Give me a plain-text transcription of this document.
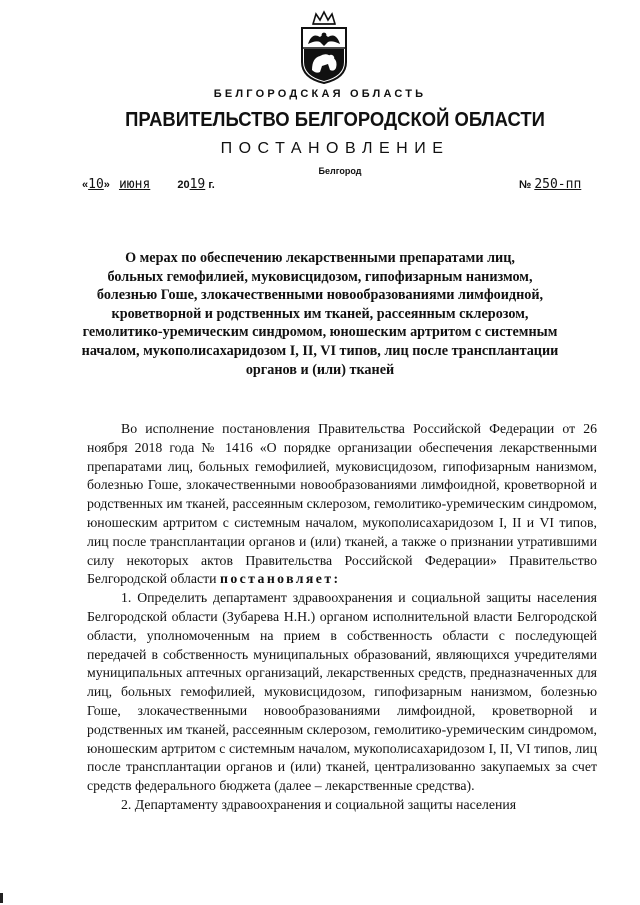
БЕЛГОРОДСКАЯ ОБЛАСТЬ
ПРАВИТЕЛЬСТВО БЕЛГОРОДСКОЙ ОБЛАСТИ
ПОСТАНОВЛЕНИЕ
Белгород
«10» июня 2019 г.	№ 250-пп
О мерах по обеспечению лекарственными препаратами лиц,
больных гемофилией, муковисцидозом, гипофизарным нанизмом,
болезнью Гоше, злокачественными новообразованиями лимфоидной,
кроветворной и родственных им тканей, рассеянным склерозом,
гемолитико-уремическим синдромом, юношеским артритом с системным
началом, мукополисахаридозом I, II, VI типов, лиц после трансплантации
органов и (или) тканей

Во исполнение постановления Правительства Российской Федерации от 26 ноября 2018 года № 1416 «О порядке организации обеспечения лекарственными препаратами лиц, больных гемофилией, муковисцидозом, гипофизарным нанизмом, болезнью Гоше, злокачественными новообразованиями лимфоидной, кроветворной и родственных им тканей, рассеянным склерозом, гемолитико-уремическим синдромом, юношеским артритом с системным началом, мукополисахаридозом I, II и VI типов, лиц после трансплантации органов и (или) тканей, а также о признании утратившими силу некоторых актов Правительства Российской Федерации» Правительство Белгородской области постановляет:

1. Определить департамент здравоохранения и социальной защиты населения Белгородской области (Зубарева Н.Н.) органом исполнительной власти Белгородской области, уполномоченным на прием в собственность области с последующей передачей в собственность муниципальных образований, являющихся учредителями муниципальных аптечных организаций, лекарственных средств, предназначенных для лиц, больных гемофилией, муковисцидозом, гипофизарным нанизмом, болезнью Гоше, злокачественными новообразованиями лимфоидной, кроветворной и родственных им тканей, рассеянным склерозом, гемолитико-уремическим синдромом, юношеским артритом с системным началом, мукополисахаридозом I, II, VI типов, лиц после трансплантации органов и (или) тканей, централизованно закупаемых за счет средств федерального бюджета (далее – лекарственные средства).

2. Департаменту здравоохранения и социальной защиты населения
